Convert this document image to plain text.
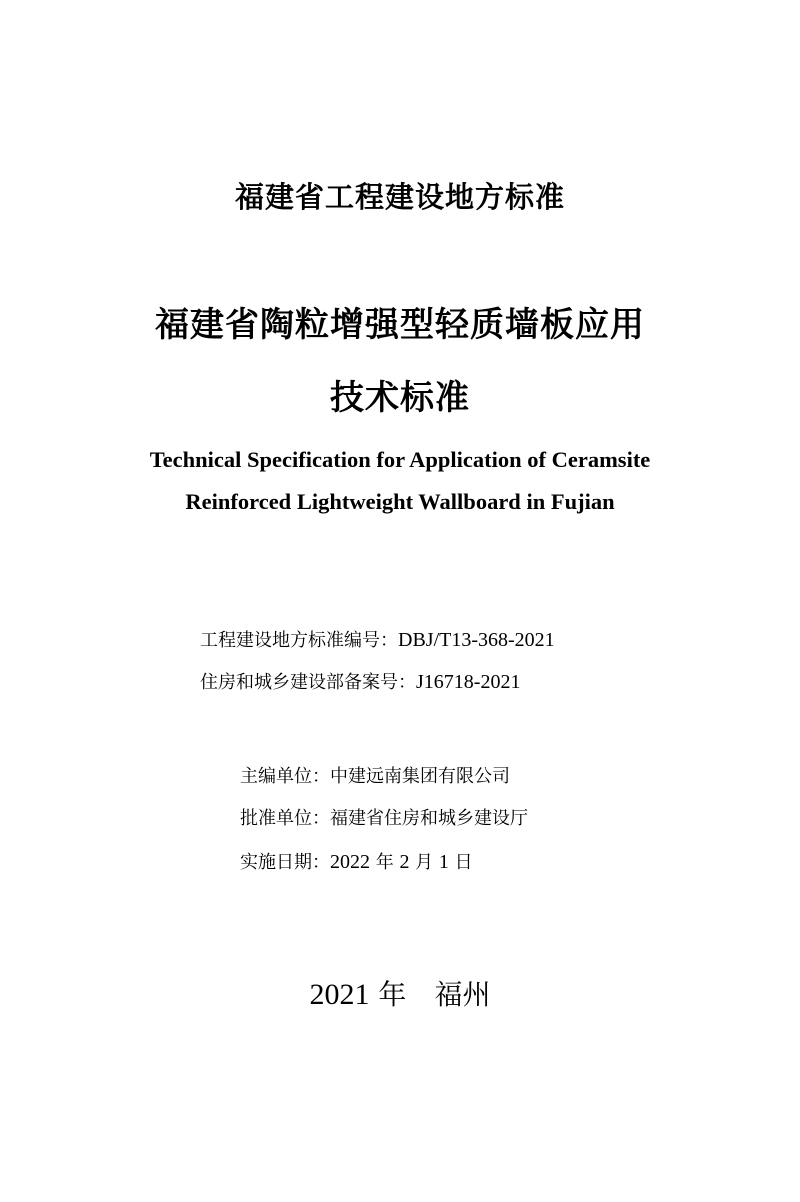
福建省工程建设地方标准
福建省陶粒增强型轻质墙板应用
技术标准
Technical Specification for Application of Ceramsite
Reinforced Lightweight Wallboard in Fujian
工程建设地方标准编号：DBJ/T13-368-2021
住房和城乡建设部备案号：J16718-2021
主编单位：中建远南集团有限公司
批准单位：福建省住房和城乡建设厅
实施日期：2022 年 2 月 1 日
2021 年　福州
